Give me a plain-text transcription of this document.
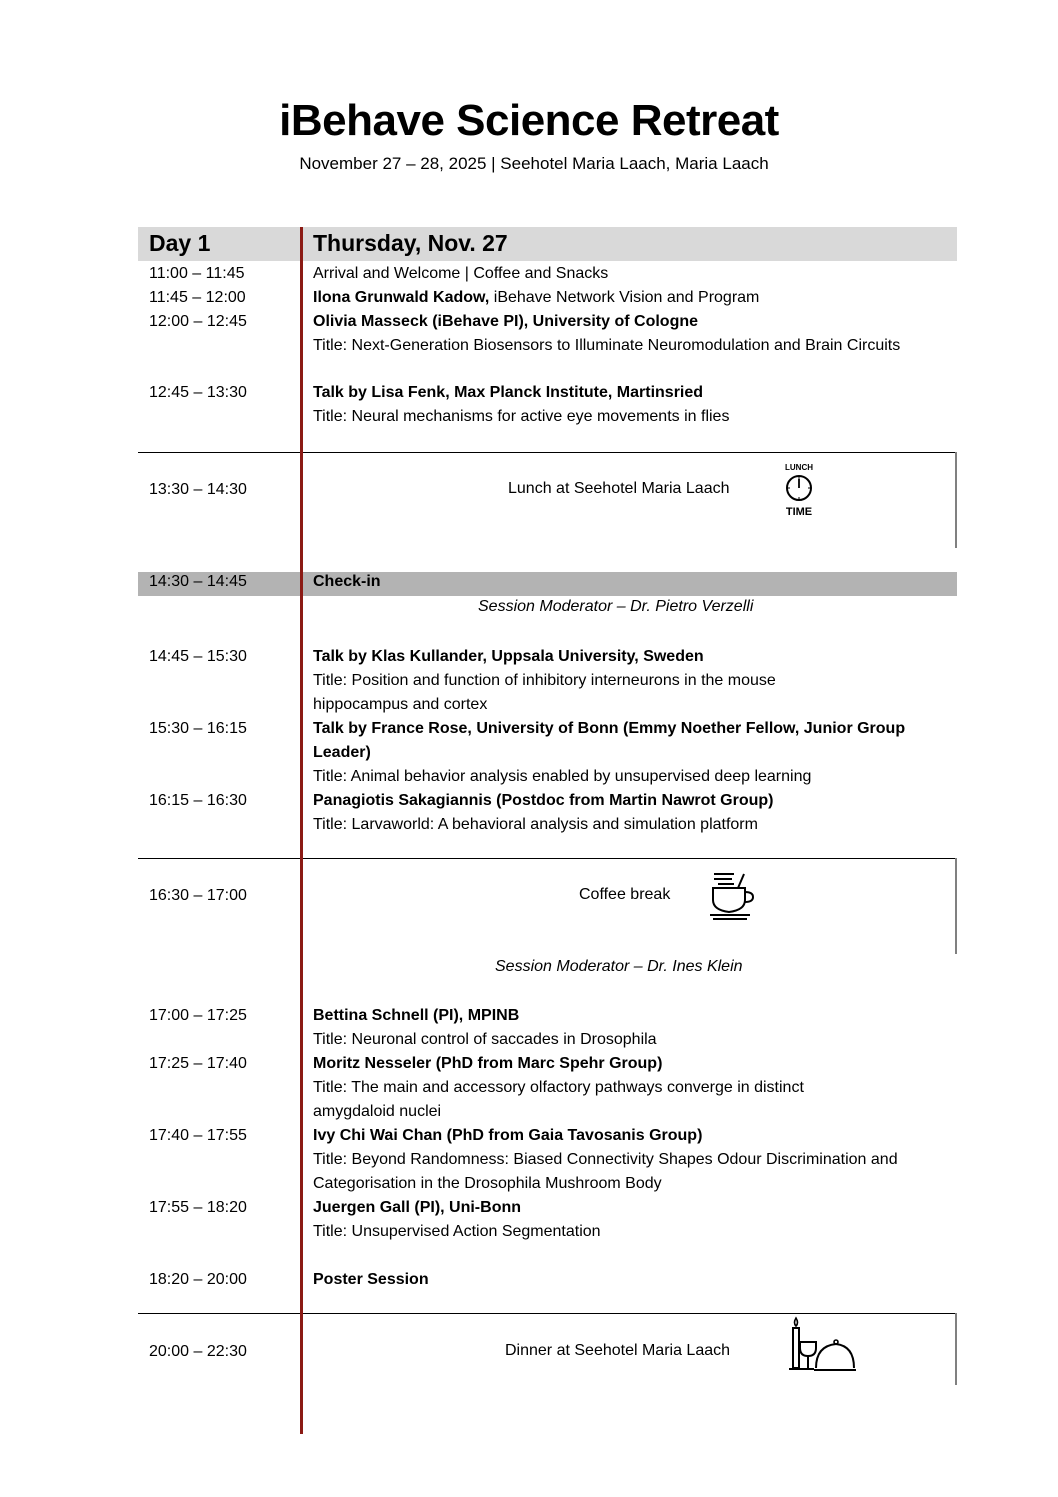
iBehave Science Retreat
November 27 – 28, 2025 | Seehotel Maria Laach, Maria Laach
Day 1	Thursday, Nov. 27
11:00 – 11:45	Arrival and Welcome | Coffee and Snacks
11:45 – 12:00	Ilona Grunwald Kadow, iBehave Network Vision and Program
12:00 – 12:45	Olivia Masseck (iBehave PI), University of Cologne
Title: Next-Generation Biosensors to Illuminate Neuromodulation and Brain Circuits
12:45 – 13:30	Talk by Lisa Fenk, Max Planck Institute, Martinsried
Title: Neural mechanisms for active eye movements in flies
13:30 – 14:30	Lunch at Seehotel Maria Laach
LUNCH
TIME
14:30 – 14:45	Check-in
Session Moderator – Dr. Pietro Verzelli
14:45 – 15:30	Talk by Klas Kullander, Uppsala University, Sweden
Title: Position and function of inhibitory interneurons in the mouse hippocampus and cortex
15:30 – 16:15	Talk by France Rose, University of Bonn (Emmy Noether Fellow, Junior Group Leader)
Title: Animal behavior analysis enabled by unsupervised deep learning
16:15 – 16:30	Panagiotis Sakagiannis (Postdoc from Martin Nawrot Group)
Title: Larvaworld: A behavioral analysis and simulation platform
16:30 – 17:00	Coffee break
Session Moderator – Dr. Ines Klein
17:00 – 17:25	Bettina Schnell (PI), MPINB
Title: Neuronal control of saccades in Drosophila
17:25 – 17:40	Moritz Nesseler (PhD from Marc Spehr Group)
Title: The main and accessory olfactory pathways converge in distinct amygdaloid nuclei
17:40 – 17:55	Ivy Chi Wai Chan (PhD from Gaia Tavosanis Group)
Title: Beyond Randomness: Biased Connectivity Shapes Odour Discrimination and Categorisation in the Drosophila Mushroom Body
17:55 – 18:20	Juergen Gall (PI), Uni-Bonn
Title: Unsupervised Action Segmentation
18:20 – 20:00	Poster Session
20:00 – 22:30	Dinner at Seehotel Maria Laach
